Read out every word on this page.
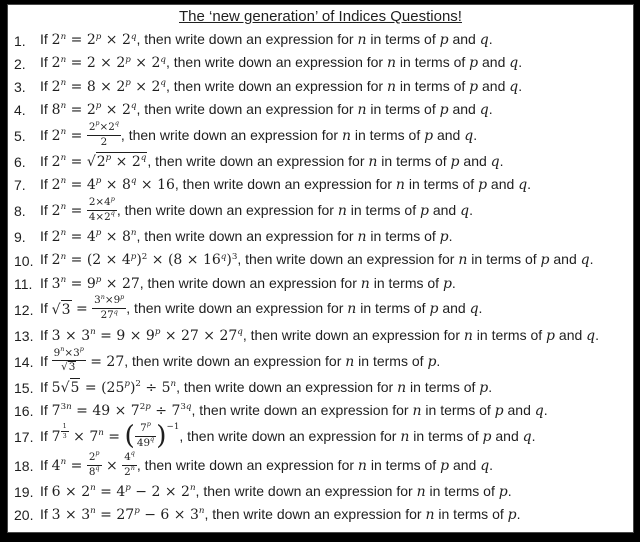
The ‘new generation’ of Indices Questions!
1.	If $2^n = 2^p \times 2^q$, then write down an expression for n in terms of p and q.
2.	If $2^n = 2 \times 2^p \times 2^q$, then write down an expression for n in terms of p and q.
3.	If $2^n = 8 \times 2^p \times 2^q$, then write down an expression for n in terms of p and q.
4.	If $8^n = 2^p \times 2^q$, then write down an expression for n in terms of p and q.
5.	If $2^n = \frac{2^p\times 2^q}{2}$ , then write down an expression for n in terms of p and q.
6.	If $2^n = √2^p \times 2^q$, then write down an expression for n in terms of p and q.
7.	If $2^n = 4^p \times 8^q \times 16$, then write down an expression for n in terms of p and q.
8.	If $2^n = \frac{2\times 4^p}{4\times 2^q}$ , then write down an expression for n in terms of p and q.
9.	If $2^n = 4^p \times 8^n$, then write down an expression for n in terms of p.
10. If $2^n = (2 \times 4^p)^2 \times (8 \times 16^q)^3$, then write down an expression for n in terms of p and q.
11. If $3^n = 9^p \times 27$, then write down an expression for n in terms of p.
12. If $√3 = \frac{3^n\times 9^p}{27^q}$ , then write down an expression for n in terms of p and q.
13. If $3 \times 3^n = 9 \times 9^p \times 27 \times 27^q$, then write down an expression for n in terms of p and q.
14. If $\frac{9^n\times 3^p}{√3} = 27$, then write down an expression for n in terms of p.
15. If $5√5 = (25^p)^2 \div 5^n$, then write down an expression for n in terms of p.
16. If $7^{3n} = 49 \times 7^{2p} \div 7^{3q}$, then write down an expression for n in terms of p and q.
17. If 7 $^{\frac{1}{3}} \times 7^n$ = ( $\frac{7^p}{49^q} )^{-1}$, then write down an expression for n in terms of p and q.
18. If $4^n = \frac{2^p}{8^q} \times \frac{4^q}{2^n}$ , then write down an expression for n in terms of p and q.
19. If $6 \times 2^n = 4^p - 2 \times 2^n$, then write down an expression for n in terms of p.
20. If $3 \times 3^n = 27^p - 6 \times 3^n$, then write down an expression for n in terms of p.
